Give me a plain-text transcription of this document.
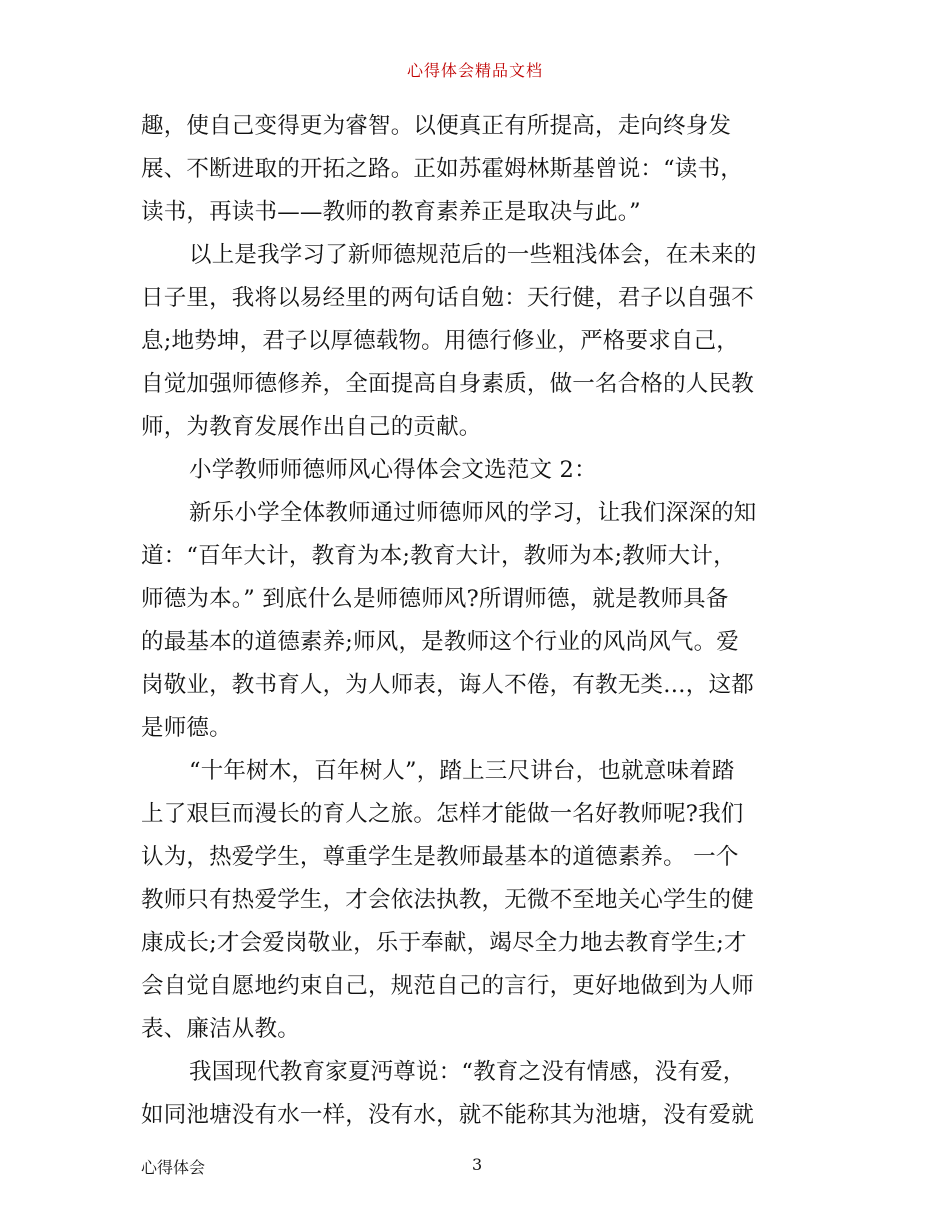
心得体会精品文档
趣，使自己变得更为睿智。以便真正有所提高，走向终身发
展、不断进取的开拓之路。正如苏霍姆林斯基曾说：“读书，
读书，再读书——教师的教育素养正是取决与此。”
以上是我学习了新师德规范后的一些粗浅体会，在未来的
日子里，我将以易经里的两句话自勉：天行健，君子以自强不
息;地势坤，君子以厚德载物。用德行修业，严格要求自己，
自觉加强师德修养，全面提高自身素质，做一名合格的人民教
师，为教育发展作出自己的贡献。
小学教师师德师风心得体会文选范文 2：
新乐小学全体教师通过师德师风的学习，让我们深深的知
道：“百年大计，教育为本;教育大计，教师为本;教师大计，
师德为本。” 到底什么是师德师风?所谓师德，就是教师具备
的最基本的道德素养;师风，是教师这个行业的风尚风气。爱
岗敬业，教书育人，为人师表，诲人不倦，有教无类…，这都
是师德。
“十年树木，百年树人”，踏上三尺讲台，也就意味着踏
上了艰巨而漫长的育人之旅。怎样才能做一名好教师呢?我们
认为，热爱学生，尊重学生是教师最基本的道德素养。 一个
教师只有热爱学生，才会依法执教，无微不至地关心学生的健
康成长;才会爱岗敬业，乐于奉献，竭尽全力地去教育学生;才
会自觉自愿地约束自己，规范自己的言行，更好地做到为人师
表、廉洁从教。
我国现代教育家夏沔尊说：“教育之没有情感，没有爱，
如同池塘没有水一样，没有水，就不能称其为池塘，没有爱就
心得体会	3
